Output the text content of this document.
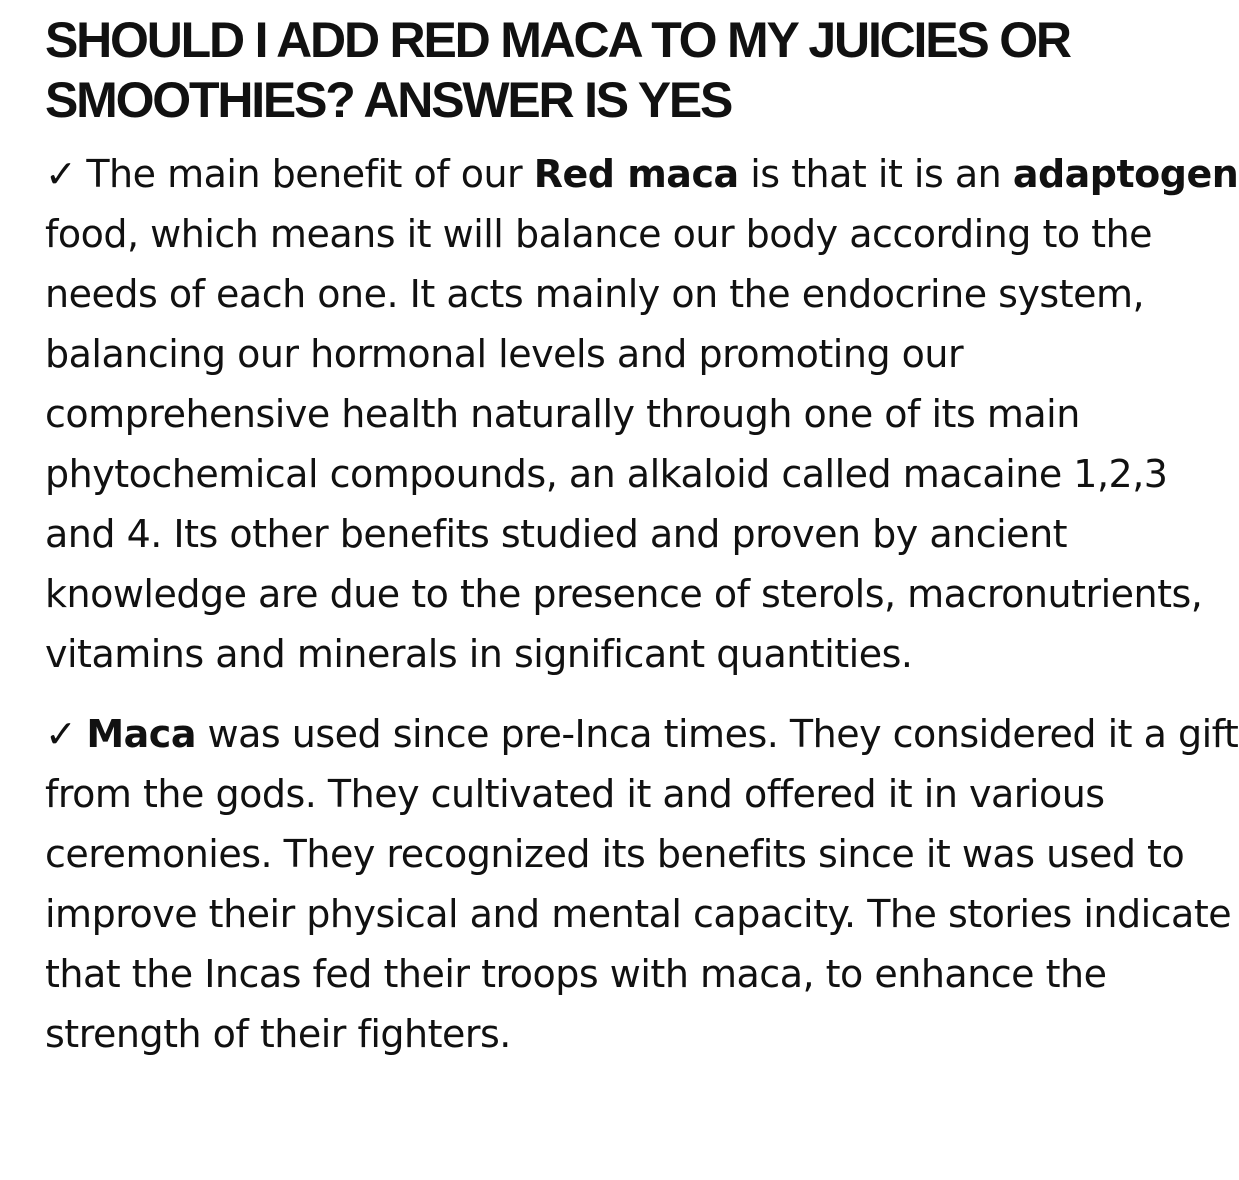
SHOULD I ADD RED MACA TO MY JUICIES OR SMOOTHIES? ANSWER IS YES

✓ The main benefit of our Red maca is that it is an adaptogen food, which means it will balance our body according to the needs of each one. It acts mainly on the endocrine system, balancing our hormonal levels and promoting our comprehensive health naturally through one of its main phytochemical compounds, an alkaloid called macaine 1,2,3 and 4. Its other benefits studied and proven by ancient knowledge are due to the presence of sterols, macronutrients, vitamins and minerals in significant quantities.

✓ Maca was used since pre-Inca times. They considered it a gift from the gods. They cultivated it and offered it in various ceremonies. They recognized its benefits since it was used to improve their physical and mental capacity. The stories indicate that the Incas fed their troops with maca, to enhance the strength of their fighters.
